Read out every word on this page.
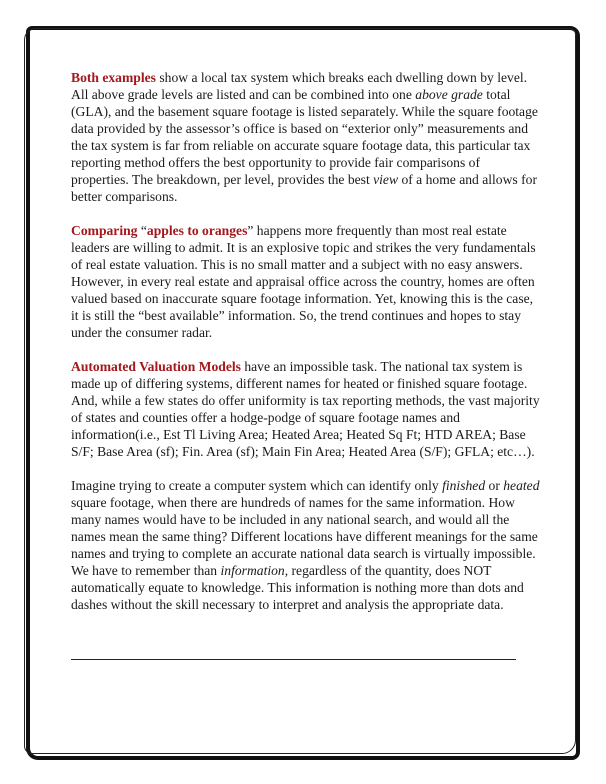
Both examples show a local tax system which breaks each dwelling down by level. All above grade levels are listed and can be combined into one above grade total (GLA), and the basement square footage is listed separately. While the square footage data provided by the assessor’s office is based on “exterior only” measurements and the tax system is far from reliable on accurate square footage data, this particular tax reporting method offers the best opportunity to provide fair comparisons of properties. The breakdown, per level, provides the best view of a home and allows for better comparisons.

Comparing “apples to oranges” happens more frequently than most real estate leaders are willing to admit. It is an explosive topic and strikes the very fundamentals of real estate valuation. This is no small matter and a subject with no easy answers. However, in every real estate and appraisal office across the country, homes are often valued based on inaccurate square footage information. Yet, knowing this is the case, it is still the “best available” information. So, the trend continues and hopes to stay under the consumer radar.

Automated Valuation Models have an impossible task. The national tax system is made up of differing systems, different names for heated or finished square footage. And, while a few states do offer uniformity is tax reporting methods, the vast majority of states and counties offer a hodge-podge of square footage names and information(i.e., Est Tl Living Area; Heated Area; Heated Sq Ft; HTD AREA; Base S/F; Base Area (sf); Fin. Area (sf); Main Fin Area; Heated Area (S/F); GFLA; etc…).

Imagine trying to create a computer system which can identify only finished or heated square footage, when there are hundreds of names for the same information. How many names would have to be included in any national search, and would all the names mean the same thing? Different locations have different meanings for the same names and trying to complete an accurate national data search is virtually impossible. We have to remember than information, regardless of the quantity, does NOT automatically equate to knowledge. This information is nothing more than dots and dashes without the skill necessary to interpret and analysis the appropriate data.
